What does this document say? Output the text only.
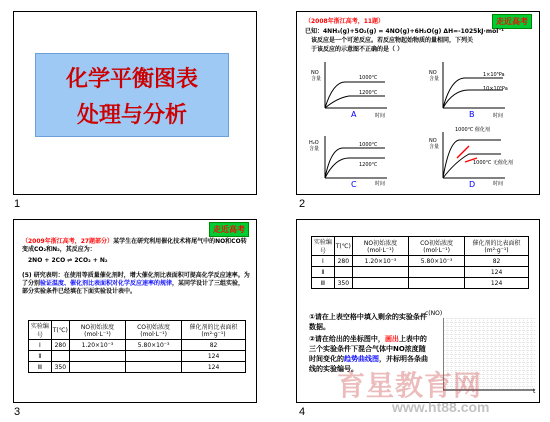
化学平衡图表
处理与分析
1
走近高考
（2008年浙江高考，11题）
已知：4NH₃(g)+5O₂(g) = 4NO(g)+6H₂O(g) ΔH=-1025kJ·mol⁻¹
该反应是一个可逆反应。若反应物起始物质的量相同，下列关
于该反应的示意图不正确的是（ ）
NO含量	1000℃
1200℃
时间
A
NO含量
1×10⁵Pa
10×10⁵Pa
时间
B
H₂O含量
1000℃
1200℃
时间
C
NO含量
1000℃ 催化剂
1000℃ 无催化剂
时间
D
2
走近高考
（2009年浙江高考，27题部分）某学生在研究利用催化技术将尾气中的NO和CO转变成CO₂和N₂，其反应为：
2NO + 2CO ⇌ 2CO₂ + N₂
(5) 研究表明：在使用等质量催化剂时，增大催化剂比表面积可提高化学反应速率。为了分别验证温度、催化剂比表面积对化学反应速率的规律，某同学设计了三组实验，部分实验条件已经填在下面实验设计表中。
实验编号	T(℃)	NO初始浓度(mol·L⁻¹)	CO初始浓度(mol·L⁻¹)	催化剂的比表面积(m²·g⁻¹)
Ⅰ	280	1.20×10⁻³	5.80×10⁻³	82
Ⅱ				124
Ⅲ	350			124
3
实验编号	T(℃)	NO初始浓度(mol·L⁻¹)	CO初始浓度(mol·L⁻¹)	催化剂的比表面积(m²·g⁻¹)
Ⅰ	280	1.20×10⁻³	5.80×10⁻³	82
Ⅱ				124
Ⅲ	350			124
①请在上表空格中填入剩余的实验条件数据。
②请在给出的坐标图中，画出上表中的三个实验条件下混合气体中NO浓度随时间变化的趋势曲线图，并标明各条曲线的实验编号。
c(NO)
t
4
育星教育网
www.ht88.com
